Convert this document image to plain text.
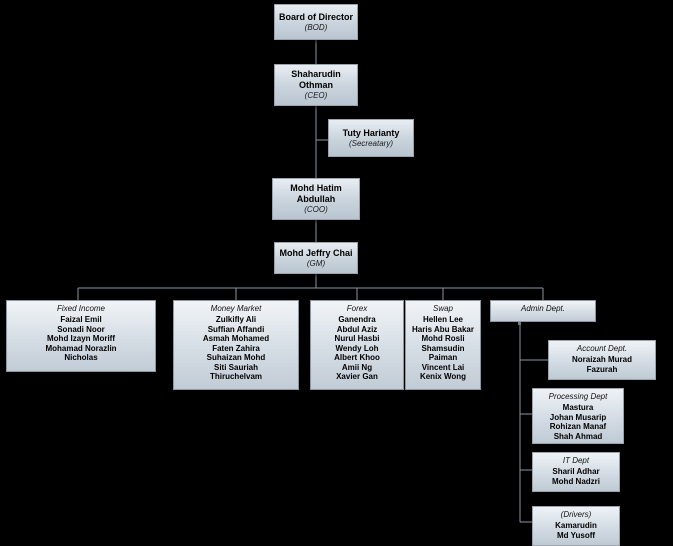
Board of Director
(BOD)
Shaharudin Othman
(CEO)
Tuty Harianty
(Secreatary)
Mohd Hatim Abdullah
(COO)
Mohd Jeffry Chai
(GM)
Fixed Income
Faizal Emil
Sonadi Noor
Mohd Izayn Moriff
Mohamad Norazlin
Nicholas
Money Market
Zulkifly Ali
Suffian Affandi
Asmah Mohamed
Faten Zahira
Suhaizan Mohd
Siti Sauriah
Thiruchelvam
Forex
Ganendra
Abdul Aziz
Nurul Hasbi
Wendy Loh
Albert Khoo
Amii Ng
Xavier Gan
Swap
Hellen Lee
Haris Abu Bakar
Mohd Rosli
Shamsudin
Paiman
Vincent Lai
Kenix Wong
Admin Dept.
Account Dept.
Noraizah Murad
Fazurah
Processing Dept
Mastura
Johan Musarip
Rohizan Manaf
Shah Ahmad
IT Dept
Sharil Adhar
Mohd Nadzri
(Drivers)
Kamarudin
Md Yusoff
